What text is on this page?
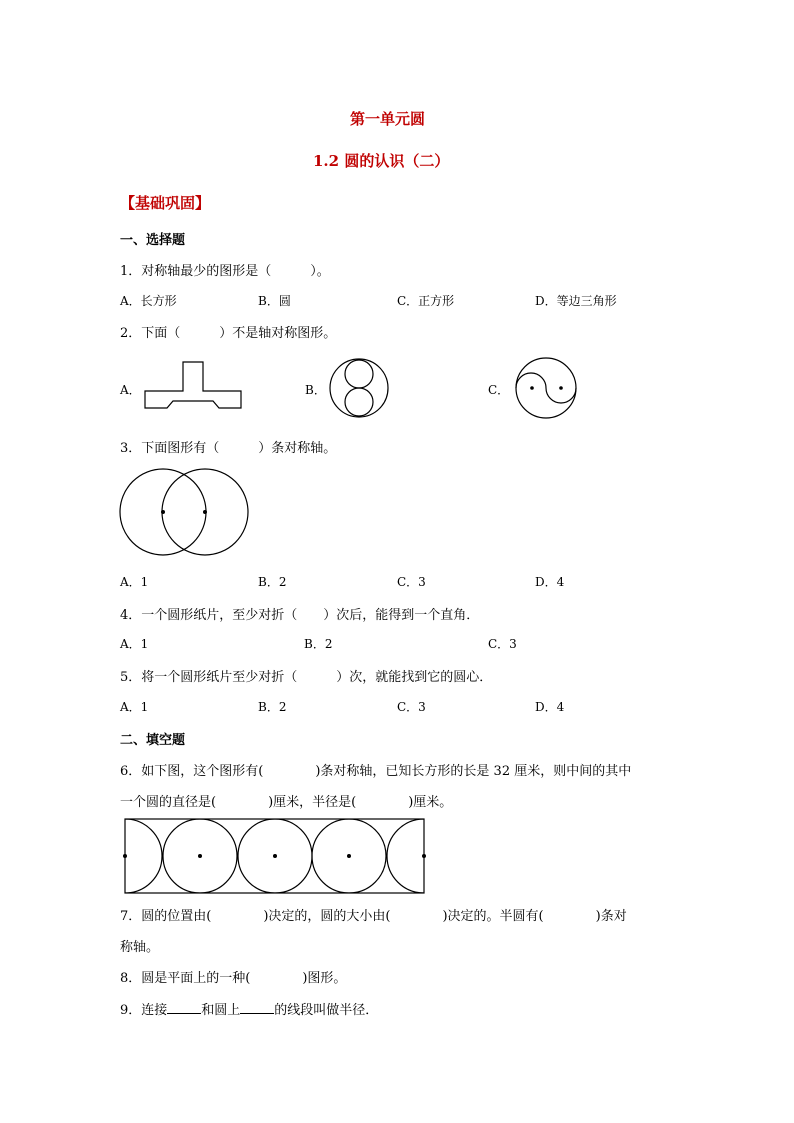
第一单元圆
1.2 圆的认识（二）
【基础巩固】
一、选择题
1．对称轴最少的图形是（　　　）。
A．长方形	B．圆	C．正方形	D．等边三角形
2．下面（　　　）不是轴对称图形。
A．	B．	C．
3．下面图形有（　　　）条对称轴。
A．1	B．2	C．3	D．4
4．一个圆形纸片，至少对折（　　）次后，能得到一个直角．
A．1	B．2	C．3
5．将一个圆形纸片至少对折（　　　）次，就能找到它的圆心．
A．1	B．2	C．3	D．4
二、填空题
6．如下图，这个图形有(　　　　)条对称轴，已知长方形的长是 32 厘米，则中间的其中
一个圆的直径是(　　　　)厘米，半径是(　　　　)厘米。
7．圆的位置由(　　　　)决定的，圆的大小由(　　　　)决定的。半圆有(　　　　)条对
称轴。
8．圆是平面上的一种(　　　　)图形。
9．连接	和圆上	的线段叫做半径．
